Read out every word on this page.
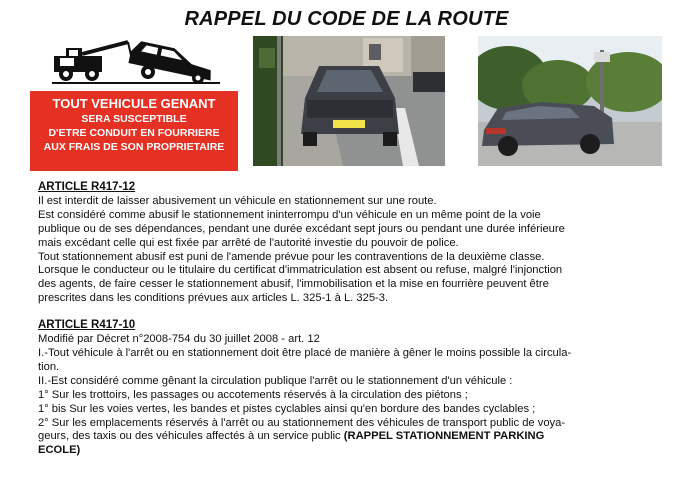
RAPPEL DU CODE DE LA ROUTE
TOUT VEHICULE GENANT
SERA SUSCEPTIBLE
D'ETRE CONDUIT EN FOURRIERE
AUX FRAIS DE SON PROPRIETAIRE
ARTICLE R417-12

Il est interdit de laisser abusivement un véhicule en stationnement sur une route.

Est considéré comme abusif le stationnement ininterrompu d'un véhicule en un même point de la voie

publique ou de ses dépendances, pendant une durée excédant sept jours ou pendant une durée inférieure

mais excédant celle qui est fixée par arrêté de l'autorité investie du pouvoir de police.

Tout stationnement abusif est puni de l'amende prévue pour les contraventions de la deuxième classe.

Lorsque le conducteur ou le titulaire du certificat d'immatriculation est absent ou refuse, malgré l'injonction

des agents, de faire cesser le stationnement abusif, l'immobilisation et la mise en fourrière peuvent être

prescrites dans les conditions prévues aux articles L. 325-1 à L. 325-3.

ARTICLE R417-10

Modifié par Décret n°2008-754 du 30 juillet 2008 - art. 12

I.-Tout véhicule à l'arrêt ou en stationnement doit être placé de manière à gêner le moins possible la circula-

tion.

II.-Est considéré comme gênant la circulation publique l'arrêt ou le stationnement d'un véhicule :

1° Sur les trottoirs, les passages ou accotements réservés à la circulation des piétons ;

1° bis Sur les voies vertes, les bandes et pistes cyclables ainsi qu'en bordure des bandes cyclables ;

2° Sur les emplacements réservés à l'arrêt ou au stationnement des véhicules de transport public de voya-

geurs, des taxis ou des véhicules affectés à un service public (RAPPEL STATIONNEMENT PARKING

ECOLE)
